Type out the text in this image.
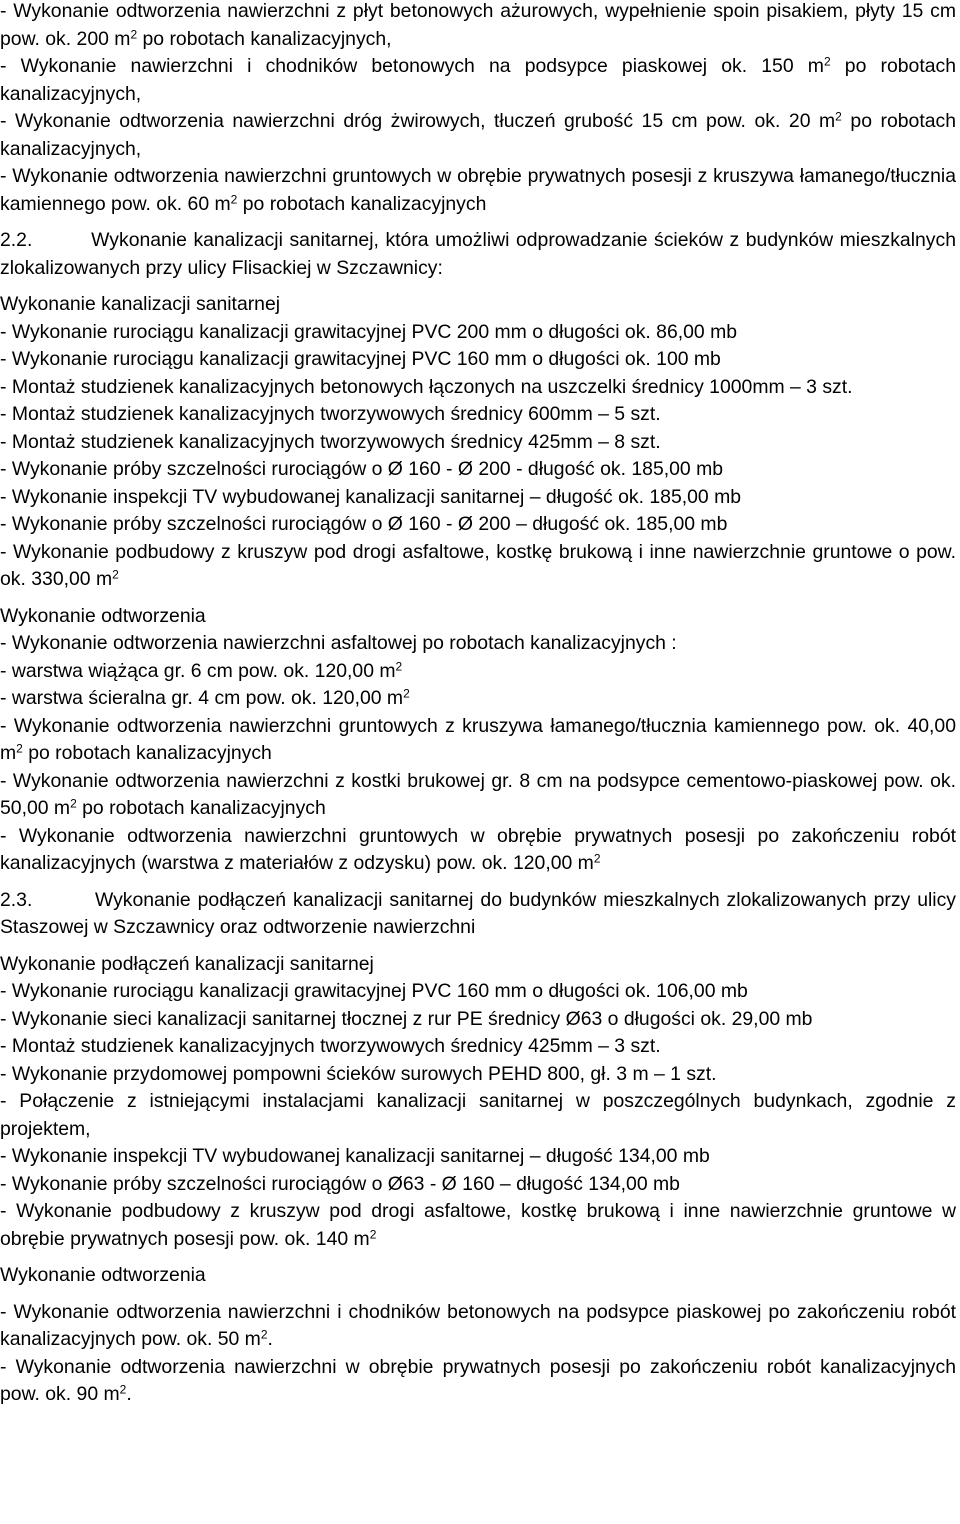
- Wykonanie odtworzenia nawierzchni z płyt betonowych ażurowych, wypełnienie spoin pisakiem, płyty 15 cm pow. ok. 200 $m^2$ po robotach kanalizacyjnych,

- Wykonanie nawierzchni i chodników betonowych na podsypce piaskowej ok. 150 $m^2$ po robotach kanalizacyjnych,

- Wykonanie odtworzenia nawierzchni dróg żwirowych, tłuczeń grubość 15 cm pow. ok. 20 $m^2$ po robotach kanalizacyjnych,

- Wykonanie odtworzenia nawierzchni gruntowych w obrębie prywatnych posesji z kruszywa łamanego/tłucznia kamiennego pow. ok. 60 $m^2$ po robotach kanalizacyjnych

2.2.	Wykonanie kanalizacji sanitarnej, która umożliwi odprowadzanie ścieków z budynków mieszkalnych zlokalizowanych przy ulicy Flisackiej w Szczawnicy:

Wykonanie kanalizacji sanitarnej

- Wykonanie rurociągu kanalizacji grawitacyjnej PVC 200 mm o długości ok. 86,00 mb

- Wykonanie rurociągu kanalizacji grawitacyjnej PVC 160 mm o długości ok. 100 mb

- Montaż studzienek kanalizacyjnych betonowych łączonych na uszczelki średnicy 1000mm – 3 szt.

- Montaż studzienek kanalizacyjnych tworzywowych średnicy 600mm – 5 szt.

- Montaż studzienek kanalizacyjnych tworzywowych średnicy 425mm – 8 szt.

- Wykonanie próby szczelności rurociągów o Ø 160 - Ø 200 - długość ok. 185,00 mb

- Wykonanie inspekcji TV wybudowanej kanalizacji sanitarnej – długość ok. 185,00 mb

- Wykonanie próby szczelności rurociągów o Ø 160 - Ø 200 – długość ok. 185,00 mb

- Wykonanie podbudowy z kruszyw pod drogi asfaltowe, kostkę brukową i inne nawierzchnie gruntowe o pow. ok. 330,00 $m^2$

Wykonanie odtworzenia

- Wykonanie odtworzenia nawierzchni asfaltowej po robotach kanalizacyjnych :

- warstwa wiążąca gr. 6 cm pow. ok. 120,00 $m^2$

- warstwa ścieralna gr. 4 cm pow. ok. 120,00 $m^2$

- Wykonanie odtworzenia nawierzchni gruntowych z kruszywa łamanego/tłucznia kamiennego pow. ok. 40,00 $m^2$ po robotach kanalizacyjnych

- Wykonanie odtworzenia nawierzchni z kostki brukowej gr. 8 cm na podsypce cementowo-piaskowej pow. ok. 50,00 $m^2$ po robotach kanalizacyjnych

- Wykonanie odtworzenia nawierzchni gruntowych w obrębie prywatnych posesji po zakończeniu robót kanalizacyjnych (warstwa z materiałów z odzysku) pow. ok. 120,00 $m^2$

2.3.	Wykonanie podłączeń kanalizacji sanitarnej do budynków mieszkalnych zlokalizowanych przy ulicy Staszowej w Szczawnicy oraz odtworzenie nawierzchni

Wykonanie podłączeń kanalizacji sanitarnej

- Wykonanie rurociągu kanalizacji grawitacyjnej PVC 160 mm o długości ok. 106,00 mb

- Wykonanie sieci kanalizacji sanitarnej tłocznej z rur PE średnicy Ø63 o długości ok. 29,00 mb

- Montaż studzienek kanalizacyjnych tworzywowych średnicy 425mm – 3 szt.

- Wykonanie przydomowej pompowni ścieków surowych PEHD 800, gł. 3 m – 1 szt.

- Połączenie z istniejącymi instalacjami kanalizacji sanitarnej w poszczególnych budynkach, zgodnie z projektem,

- Wykonanie inspekcji TV wybudowanej kanalizacji sanitarnej – długość 134,00 mb

- Wykonanie próby szczelności rurociągów o Ø63 - Ø 160 – długość 134,00 mb

- Wykonanie podbudowy z kruszyw pod drogi asfaltowe, kostkę brukową i inne nawierzchnie gruntowe w obrębie prywatnych posesji pow. ok. 140 $m^2$

Wykonanie odtworzenia

- Wykonanie odtworzenia nawierzchni i chodników betonowych na podsypce piaskowej po zakończeniu robót kanalizacyjnych pow. ok. 50 $m^2$.

- Wykonanie odtworzenia nawierzchni w obrębie prywatnych posesji po zakończeniu robót kanalizacyjnych pow. ok. 90 $m^2$.
